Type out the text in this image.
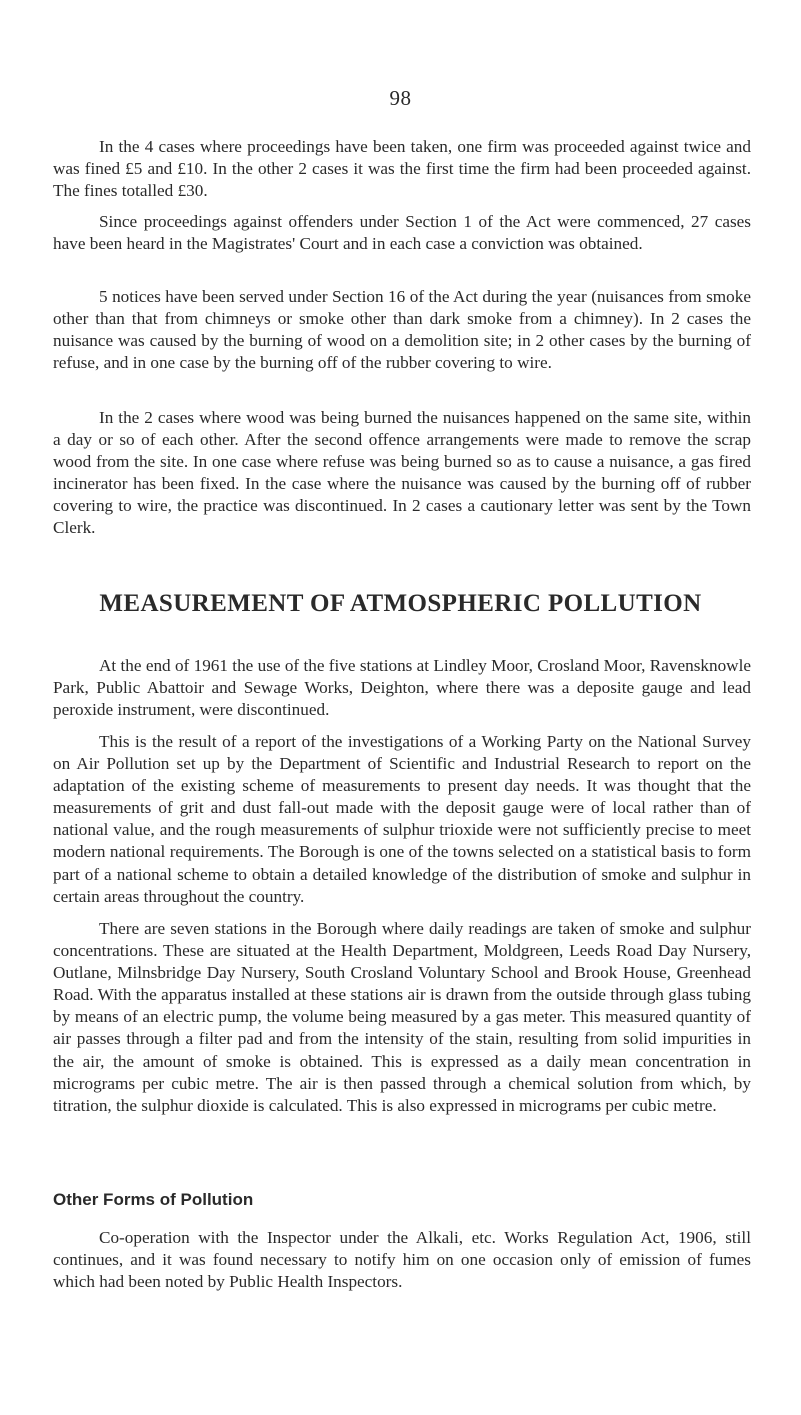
98

In the 4 cases where proceedings have been taken, one firm was proceeded against twice and was fined £5 and £10. In the other 2 cases it was the first time the firm had been proceeded against. The fines totalled £30.

Since proceedings against offenders under Section 1 of the Act were commenced, 27 cases have been heard in the Magistrates' Court and in each case a conviction was obtained.

5 notices have been served under Section 16 of the Act during the year (nuisances from smoke other than that from chimneys or smoke other than dark smoke from a chimney). In 2 cases the nuisance was caused by the burning of wood on a demolition site; in 2 other cases by the burning of refuse, and in one case by the burning off of the rubber covering to wire.

In the 2 cases where wood was being burned the nuisances happened on the same site, within a day or so of each other. After the second offence arrangements were made to remove the scrap wood from the site. In one case where refuse was being burned so as to cause a nuisance, a gas fired incinerator has been fixed. In the case where the nuisance was caused by the burning off of rubber covering to wire, the practice was discontinued. In 2 cases a cautionary letter was sent by the Town Clerk.

MEASUREMENT OF ATMOSPHERIC POLLUTION

At the end of 1961 the use of the five stations at Lindley Moor, Crosland Moor, Ravensknowle Park, Public Abattoir and Sewage Works, Deighton, where there was a deposite gauge and lead peroxide instrument, were discontinued.

This is the result of a report of the investigations of a Working Party on the National Survey on Air Pollution set up by the Department of Scientific and Industrial Research to report on the adaptation of the existing scheme of measurements to present day needs. It was thought that the measurements of grit and dust fall-out made with the deposit gauge were of local rather than of national value, and the rough measurements of sulphur trioxide were not sufficiently precise to meet modern national requirements. The Borough is one of the towns selected on a statistical basis to form part of a national scheme to obtain a detailed knowledge of the distribution of smoke and sulphur in certain areas throughout the country.

There are seven stations in the Borough where daily readings are taken of smoke and sulphur concentrations. These are situated at the Health Department, Moldgreen, Leeds Road Day Nursery, Outlane, Milnsbridge Day Nursery, South Crosland Voluntary School and Brook House, Greenhead Road. With the apparatus installed at these stations air is drawn from the outside through glass tubing by means of an electric pump, the volume being measured by a gas meter. This measured quantity of air passes through a filter pad and from the intensity of the stain, resulting from solid impurities in the air, the amount of smoke is obtained. This is expressed as a daily mean concentration in micrograms per cubic metre. The air is then passed through a chemical solution from which, by titration, the sulphur dioxide is calculated. This is also expressed in micrograms per cubic metre.

Other Forms of Pollution

Co-operation with the Inspector under the Alkali, etc. Works Regulation Act, 1906, still continues, and it was found necessary to notify him on one occasion only of emission of fumes which had been noted by Public Health Inspectors.
